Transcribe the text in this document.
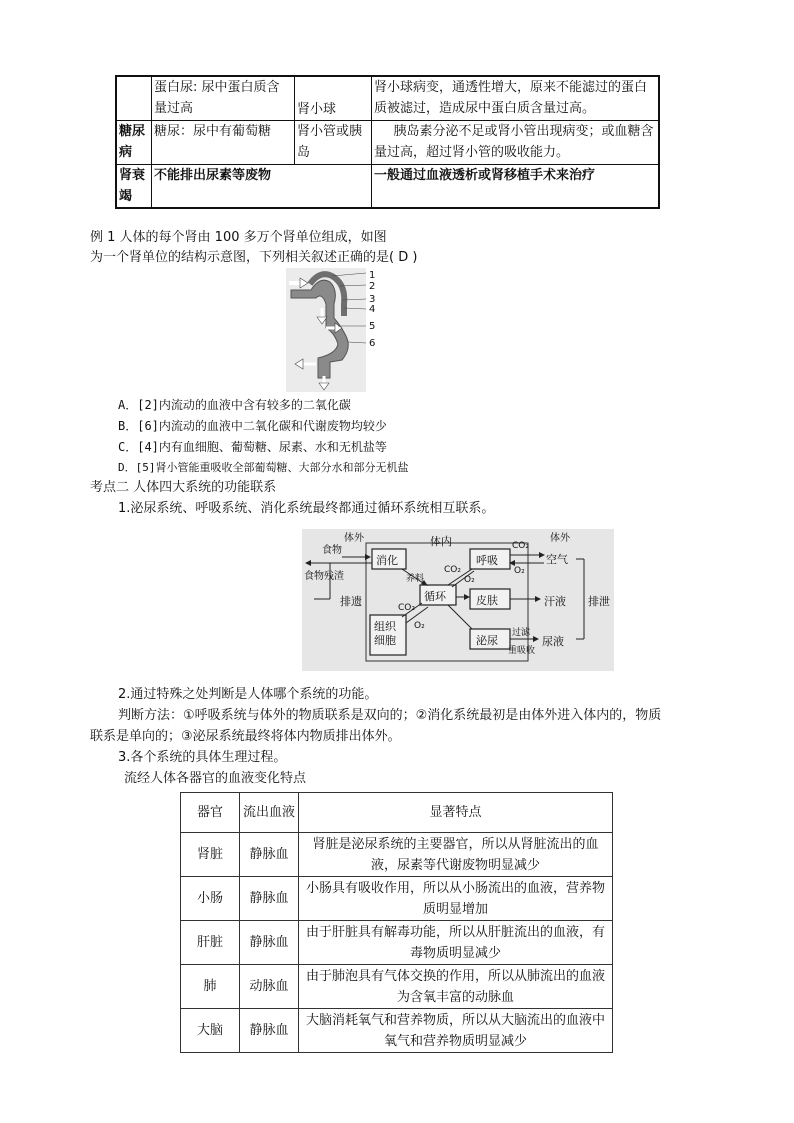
	蛋白尿: 尿中蛋白质含量过高	肾小球	肾小球病变，通透性增大，原来不能滤过的蛋白质被滤过，造成尿中蛋白质含量过高。
糖尿病	糖尿：尿中有葡萄糖	肾小管或胰岛	胰岛素分泌不足或肾小管出现病变；或血糖含量过高，超过肾小管的吸收能力。
肾衰竭	不能排出尿素等废物		一般通过血液透析或肾移植手术来治疗
例 1 人体的每个肾由 100 多万个肾单位组成，如图
为一个肾单位的结构示意图，下列相关叙述正确的是( D )
1
2
3
4
5
6
A．[2]内流动的血液中含有较多的二氧化碳
B．[6]内流动的血液中二氧化碳和代谢废物均较少
C．[4]内有血细胞、葡萄糖、尿素、水和无机盐等
D．[5]肾小管能重吸收全部葡萄糖、大部分水和部分无机盐
考点二 人体四大系统的功能联系
1.泌尿系统、呼吸系统、消化系统最终都通过循环系统相互联系。
体外
食物
体内	体外
消化	呼吸
循环	皮肤
组织细胞	泌尿
食物残渣
排遗
养料
CO₂
O₂
CO₂
O₂
CO₂
O₂
空气
汗液 排泄
尿液
过滤
重吸收
2.通过特殊之处判断是人体哪个系统的功能。
判断方法：①呼吸系统与体外的物质联系是双向的；②消化系统最初是由体外进入体内的，物质
联系是单向的；③泌尿系统最终将体内物质排出体外。
3.各个系统的具体生理过程。
流经人体各器官的血液变化特点
器官	流出血液	显著特点
肾脏	静脉血	肾脏是泌尿系统的主要器官，所以从肾脏流出的血液，尿素等代谢废物明显减少
小肠	静脉血	小肠具有吸收作用，所以从小肠流出的血液，营养物质明显增加
肝脏	静脉血	由于肝脏具有解毒功能，所以从肝脏流出的血液，有毒物质明显减少
肺	动脉血	由于肺泡具有气体交换的作用，所以从肺流出的血液为含氧丰富的动脉血
大脑	静脉血	大脑消耗氧气和营养物质，所以从大脑流出的血液中氧气和营养物质明显减少
